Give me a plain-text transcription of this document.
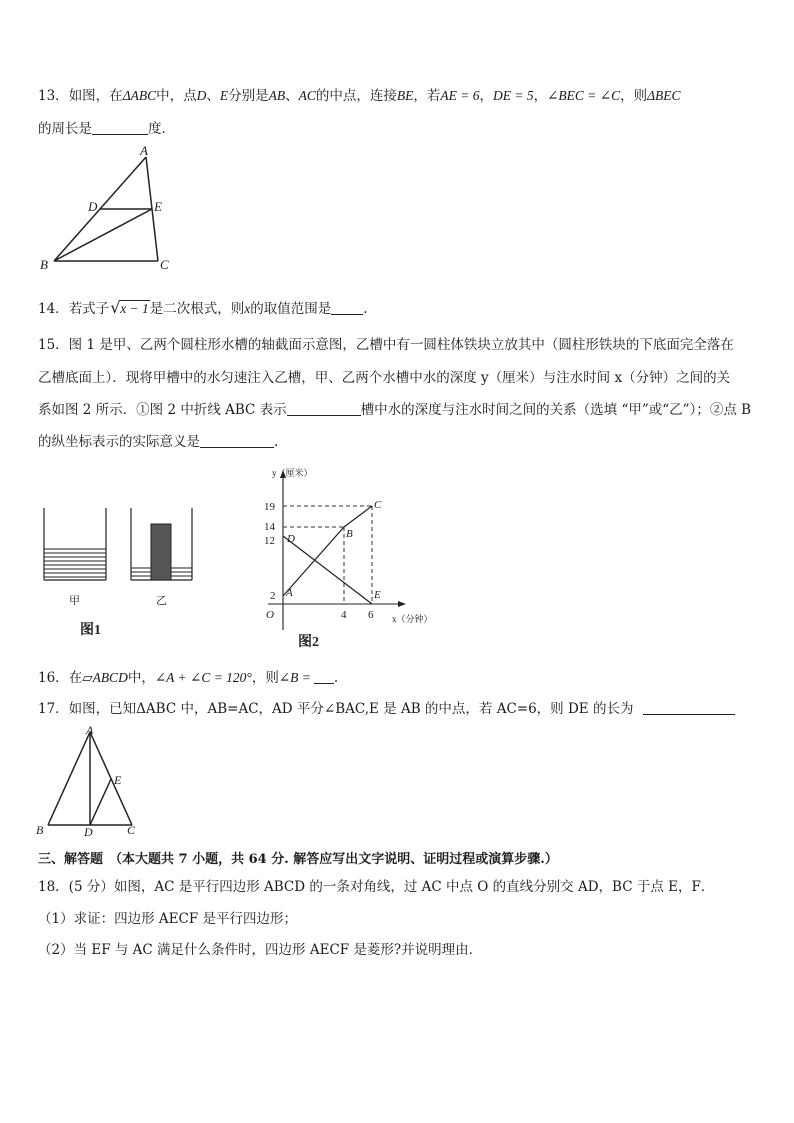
13．如图，在ΔABC中，点D、E分别是AB、AC的中点，连接BE，若AE = 6，DE = 5，∠BEC = ∠C，则ΔBEC
的周长是	度．
A
B	C
D	E
14．若式子 √ x − 1是二次根式，则x的取值范围是 .
15．图 1 是甲、乙两个圆柱形水槽的轴截面示意图，乙槽中有一圆柱体铁块立放其中（圆柱形铁块的下底面完全落在
乙槽底面上）．现将甲槽中的水匀速注入乙槽，甲、乙两个水槽中水的深度 y（厘米）与注水时间 x（分钟）之间的关
系如图 2 所示．①图 2 中折线 ABC 表示	槽中水的深度与注水时间之间的关系（选填 “甲”或“乙”）；②点 B
的纵坐标表示的实际意义是	.
甲	乙
图1
y（厘米）
x（分钟）
O
19
14
12
2
4 6
A
B
C
D
E
图2
16．在▱ABCD中，∠A + ∠C = 120°，则∠B = .
17．如图，已知ΔABC 中，AB=AC，AD 平分∠BAC,E 是 AB 的中点，若 AC=6，则 DE 的长为
A
B	C
D
E
三、解答题 （本大题共 7 小题，共 64 分. 解答应写出文字说明、证明过程或演算步骤.）
18．(5 分）如图，AC 是平行四边形 ABCD 的一条对角线，过 AC 中点 O 的直线分别交 AD，BC 于点 E，F．
（1）求证：四边形 AECF 是平行四边形；
（2）当 EF 与 AC 满足什么条件时，四边形 AECF 是菱形?并说明理由．
